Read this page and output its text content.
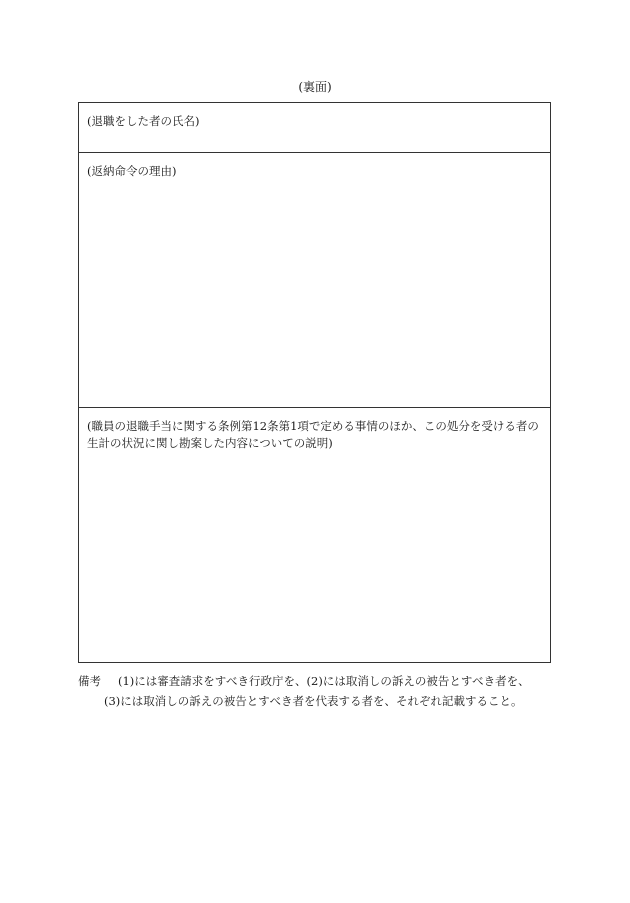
(裏面)
(退職をした者の氏名)
(返納命令の理由)
(職員の退職手当に関する条例第12条第1項で定める事情のほか、この処分を受ける者の
生計の状況に関し勘案した内容についての説明)
備考 (1)には審査請求をすべき行政庁を、(2)には取消しの訴えの被告とすべき者を、
(3)には取消しの訴えの被告とすべき者を代表する者を、それぞれ記載すること。
